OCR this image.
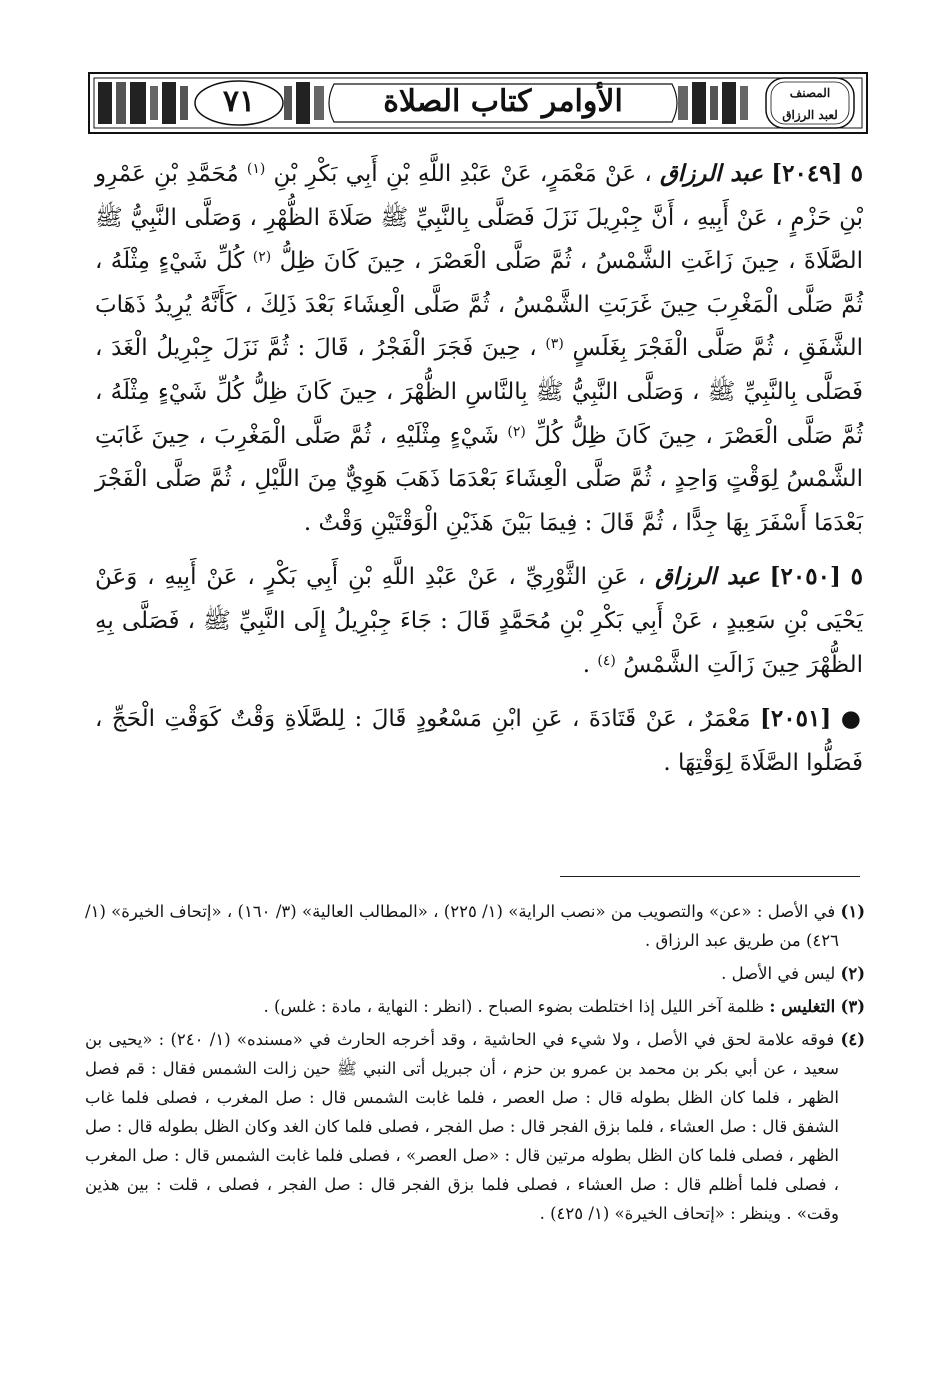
٧١	الأوامر كتاب الصلاة	المصنف
لعبد الرزاق

٥ [٢٠٤٩] عبد الرزاق ، عَنْ مَعْمَرٍ، عَنْ عَبْدِ اللَّهِ بْنِ أَبِي بَكْرِ بْنِ $^{(١)}$ مُحَمَّدِ بْنِ عَمْرِو بْنِ حَزْمٍ ، عَنْ أَبِيهِ ، أَنَّ جِبْرِيلَ نَزَلَ فَصَلَّى بِالنَّبِيِّ ﷺ صَلَاةَ الظُّهْرِ ، وَصَلَّى النَّبِيُّ ﷺ الصَّلَاةَ ، حِينَ زَاغَتِ الشَّمْسُ ، ثُمَّ صَلَّى الْعَصْرَ ، حِينَ كَانَ ظِلُّ $^{(٢)}$ كُلِّ شَيْءٍ مِثْلَهُ ، ثُمَّ صَلَّى الْمَغْرِبَ حِينَ غَرَبَتِ الشَّمْسُ ، ثُمَّ صَلَّى الْعِشَاءَ بَعْدَ ذَلِكَ ، كَأَنَّهُ يُرِيدُ ذَهَابَ الشَّفَقِ ، ثُمَّ صَلَّى الْفَجْرَ بِغَلَسٍ $^{(٣)}$ ، حِينَ فَجَرَ الْفَجْرُ ، قَالَ : ثُمَّ نَزَلَ جِبْرِيلُ الْغَدَ ، فَصَلَّى بِالنَّبِيِّ ﷺ ، وَصَلَّى النَّبِيُّ ﷺ بِالنَّاسِ الظُّهْرَ ، حِينَ كَانَ ظِلُّ كُلِّ شَيْءٍ مِثْلَهُ ، ثُمَّ صَلَّى الْعَصْرَ ، حِينَ كَانَ ظِلُّ كُلِّ $^{(٢)}$ شَيْءٍ مِثْلَيْهِ ، ثُمَّ صَلَّى الْمَغْرِبَ ، حِينَ غَابَتِ الشَّمْسُ لِوَقْتٍ وَاحِدٍ ، ثُمَّ صَلَّى الْعِشَاءَ بَعْدَمَا ذَهَبَ هَوِيٌّ مِنَ اللَّيْلِ ، ثُمَّ صَلَّى الْفَجْرَ بَعْدَمَا أَسْفَرَ بِهَا جِدًّا ، ثُمَّ قَالَ : فِيمَا بَيْنَ هَذَيْنِ الْوَقْتَيْنِ وَقْتٌ .

٥ [٢٠٥٠] عبد الرزاق ، عَنِ الثَّوْرِيِّ ، عَنْ عَبْدِ اللَّهِ بْنِ أَبِي بَكْرٍ ، عَنْ أَبِيهِ ، وَعَنْ يَحْيَى بْنِ سَعِيدٍ ، عَنْ أَبِي بَكْرِ بْنِ مُحَمَّدٍ قَالَ : جَاءَ جِبْرِيلُ إِلَى النَّبِيِّ ﷺ ، فَصَلَّى بِهِ الظُّهْرَ حِينَ زَالَتِ الشَّمْسُ $^{(٤)}$ .

● [٢٠٥١] مَعْمَرٌ ، عَنْ قَتَادَةَ ، عَنِ ابْنِ مَسْعُودٍ قَالَ : لِلصَّلَاةِ وَقْتٌ كَوَقْتِ الْحَجِّ ، فَصَلُّوا الصَّلَاةَ لِوَقْتِهَا .

(١) في الأصل : «عن» والتصويب من «نصب الراية» (١/ ٢٢٥) ، «المطالب العالية» (٣/ ١٦٠) ، «إتحاف الخيرة» (١/ ٤٢٦) من طريق عبد الرزاق .

(٢) ليس في الأصل .

(٣) التغليس : ظلمة آخر الليل إذا اختلطت بضوء الصباح . (انظر : النهاية ، مادة : غلس) .

(٤) فوقه علامة لحق في الأصل ، ولا شيء في الحاشية ، وقد أخرجه الحارث في «مسنده» (١/ ٢٤٠) : «يحيى بن سعيد ، عن أبي بكر بن محمد بن عمرو بن حزم ، أن جبريل أتى النبي ﷺ حين زالت الشمس فقال : قم فصل الظهر ، فلما كان الظل بطوله قال : صل العصر ، فلما غابت الشمس قال : صل المغرب ، فصلى فلما غاب الشفق قال : صل العشاء ، فلما بزق الفجر قال : صل الفجر ، فصلى فلما كان الغد وكان الظل بطوله قال : صل الظهر ، فصلى فلما كان الظل بطوله مرتين قال : «صل العصر» ، فصلى فلما غابت الشمس قال : صل المغرب ، فصلى فلما أظلم قال : صل العشاء ، فصلى فلما بزق الفجر قال : صل الفجر ، فصلى ، قلت : بين هذين وقت» . وينظر : «إتحاف الخيرة» (١/ ٤٢٥) .
